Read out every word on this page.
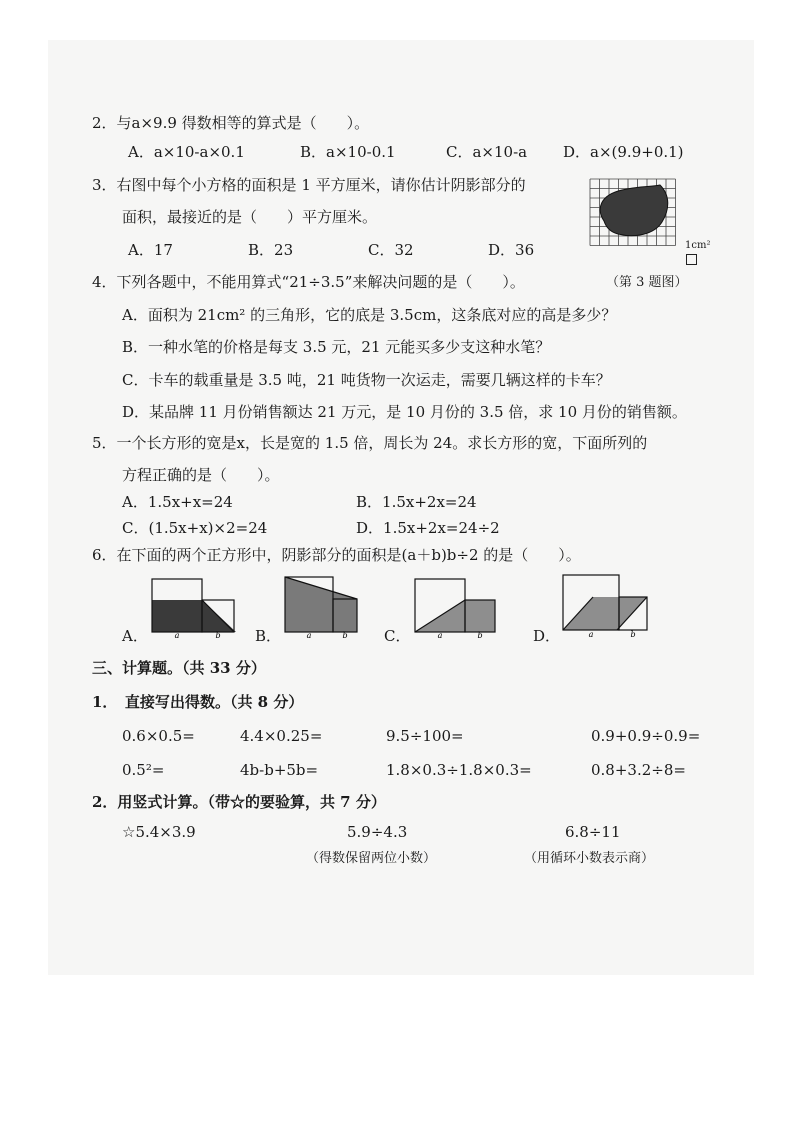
2．与a×9.9 得数相等的算式是（　　）。
A．a×10-a×0.1	B．a×10-0.1	C．a×10-a D．a×(9.9+0.1)
3．右图中每个小方格的面积是 1 平方厘米，请你估计阴影部分的
面积，最接近的是（　　）平方厘米。
A．17	B．23	C．32	D．36	1cm²
（第 3 题图）
4．下列各题中，不能用算式“21÷3.5”来解决问题的是（　　）。
A．面积为 21cm² 的三角形，它的底是 3.5cm，这条底对应的高是多少？
B．一种水笔的价格是每支 3.5 元，21 元能买多少支这种水笔？
C．卡车的载重量是 3.5 吨，21 吨货物一次运走，需要几辆这样的卡车？
D．某品牌 11 月份销售额达 21 万元，是 10 月份的 3.5 倍，求 10 月份的销售额。
5．一个长方形的宽是x，长是宽的 1.5 倍，周长为 24。求长方形的宽，下面所列的
方程正确的是（　　）。
A．1.5x+x=24	B．1.5x+2x=24
C．(1.5x+x)×2=24	D．1.5x+2x=24÷2
6．在下面的两个正方形中，阴影部分的面积是(a＋b)b÷2 的是（　　）。
A．	a	b B．	a	b C．	a	b	D．	a	b
三、计算题。（共 33 分）
1．　直接写出得数。（共 8 分）
0.6×0.5=	4.4×0.25=	9.5÷100=	0.9+0.9÷0.9=
0.5²=	4b-b+5b=	1.8×0.3÷1.8×0.3=	0.8+3.2÷8=
2．用竖式计算。（带☆的要验算，共 7 分）
☆5.4×3.9	5.9÷4.3	6.8÷11
（得数保留两位小数）	（用循环小数表示商）
